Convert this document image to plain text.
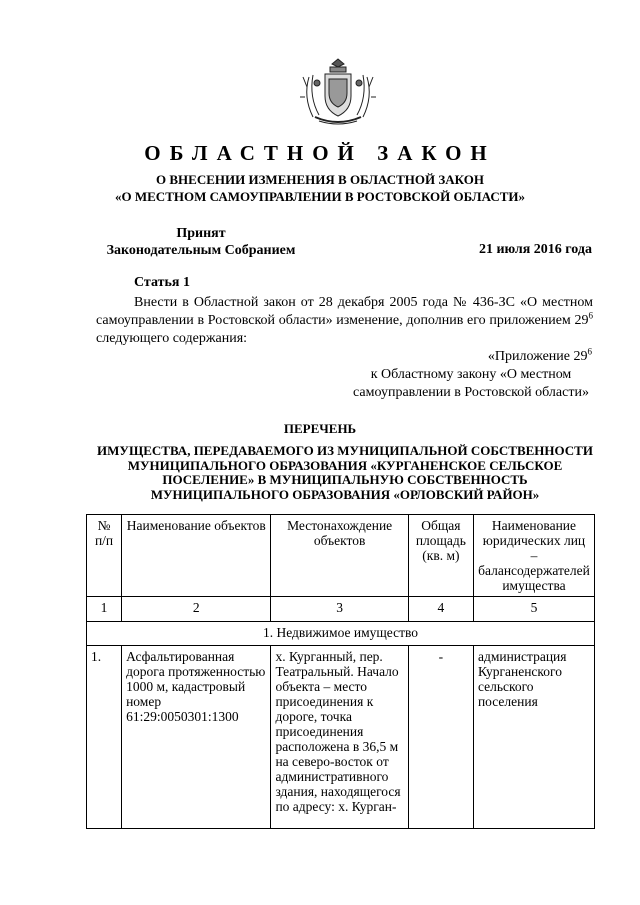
ОБЛАСТНОЙ ЗАКОН
О ВНЕСЕНИИ ИЗМЕНЕНИЯ В ОБЛАСТНОЙ ЗАКОН
«О МЕСТНОМ САМОУПРАВЛЕНИИ В РОСТОВСКОЙ ОБЛАСТИ»
Принят
Законодательным Собранием	21 июля 2016 года
Статья 1
Внести в Областной закон от 28 декабря 2005 года № 436-ЗС «О местном самоуправлении в Ростовской области» изменение, дополнив его приложением $29^6$ следующего содержания:
«Приложение $29^6$
к Областному закону «О местном
самоуправлении в Ростовской области»
ПЕРЕЧЕНЬ
ИМУЩЕСТВА, ПЕРЕДАВАЕМОГО ИЗ МУНИЦИПАЛЬНОЙ СОБСТВЕННОСТИ
МУНИЦИПАЛЬНОГО ОБРАЗОВАНИЯ «КУРГАНЕНСКОЕ СЕЛЬСКОЕ
ПОСЕЛЕНИЕ» В МУНИЦИПАЛЬНУЮ СОБСТВЕННОСТЬ
МУНИЦИПАЛЬНОГО ОБРАЗОВАНИЯ «ОРЛОВСКИЙ РАЙОН»
№ п/п	Наименование объектов	Местонахождение объектов	Общая площадь (кв. м)	Наименование юридических лиц – балансодержателей имущества
1	2	3	4	5
1. Недвижимое имущество				
1.	Асфальтированная дорога протяженностью 1000 м, кадастровый номер 61:29:0050301:1300	х. Курганный, пер. Театральный. Начало объекта – место присоединения к дороге, точка присоединения расположена в 36,5 м на северо-восток от административного здания, находящегося по адресу: х. Курган-	-	администрация Курганенского сельского поселения
